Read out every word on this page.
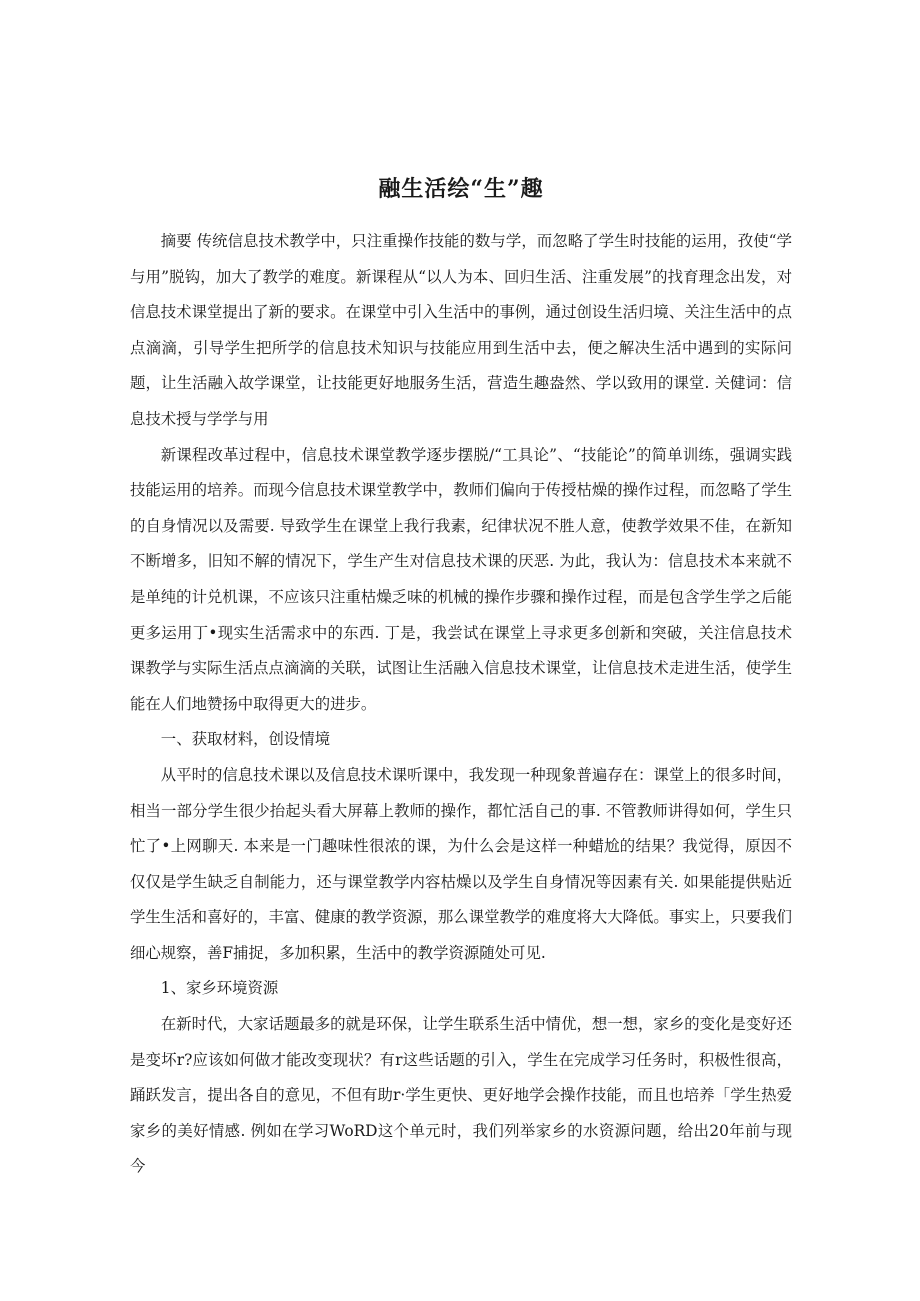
融生活绘“生”趣

摘要 传统信息技术教学中，只注重操作技能的数与学，而忽略了学生时技能的运用，孜使“学与用”脱钩，加大了教学的难度。新课程从“以人为本、回归生活、注重发展”的找育理念出发，对信息技术课堂提出了新的要求。在课堂中引入生活中的事例，通过创设生活归境、关注生活中的点点滴滴，引导学生把所学的信息技术知识与技能应用到生活中去，便之解决生活中遇到的实际问题，让生活融入故学课堂，让技能更好地服务生活，营造生趣盎然、学以致用的课堂. 关健词：信息技术授与学学与用

新课程改革过程中，信息技术课堂教学逐步摆脱/“工具论”、“技能论”的简单训练，强调实践技能运用的培养。而现今信息技术课堂教学中，教师们偏向于传授枯燥的操作过程，而忽略了学生的自身情况以及需要. 导致学生在课堂上我行我素，纪律状况不胜人意，使教学效果不佳，在新知不断增多，旧知不解的情况下，学生产生对信息技术课的厌恶. 为此，我认为：信息技术本来就不是单纯的计兑机课，不应该只注重枯燥乏味的机械的操作步骤和操作过程，而是包含学生学之后能更多运用丁•现实生活需求中的东西. 丁是，我尝试在课堂上寻求更多创新和突破，关注信息技术课教学与实际生活点点滴滴的关联，试图让生活融入信息技术课堂，让信息技术走进生活，使学生能在人们地赞扬中取得更大的进步。

一、获取材料，创设情境

从平时的信息技术课以及信息技术课听课中，我发现一种现象普遍存在：课堂上的很多时间，相当一部分学生很少抬起头看大屏幕上教师的操作，都忙活自己的事. 不管教师讲得如何，学生只忙了•上网聊天. 本来是一门趣味性很浓的课，为什么会是这样一种蜡尬的结果？我觉得，原因不仅仅是学生缺乏自制能力，还与课堂教学内容枯燥以及学生自身情况等因素有关. 如果能提供贴近学生生活和喜好的，丰富、健康的教学资源，那么课堂教学的难度将大大降低。事实上，只要我们细心规察，善F捕捉，多加积累，生活中的教学资源随处可见.

1、家乡环境资源

在新时代，大家话题最多的就是环保，让学生联系生活中情优，想一想，家乡的变化是变好还是变坏r?应该如何做才能改变现状？有r这些话题的引入，学生在完成学习任务时，积极性很高，踊跃发言，提出各自的意见，不但有助r·学生更快、更好地学会操作技能，而且也培养「学生热爱家乡的美好情感. 例如在学习WoRD这个单元时，我们列举家乡的水资源问题，给出20年前与现今
